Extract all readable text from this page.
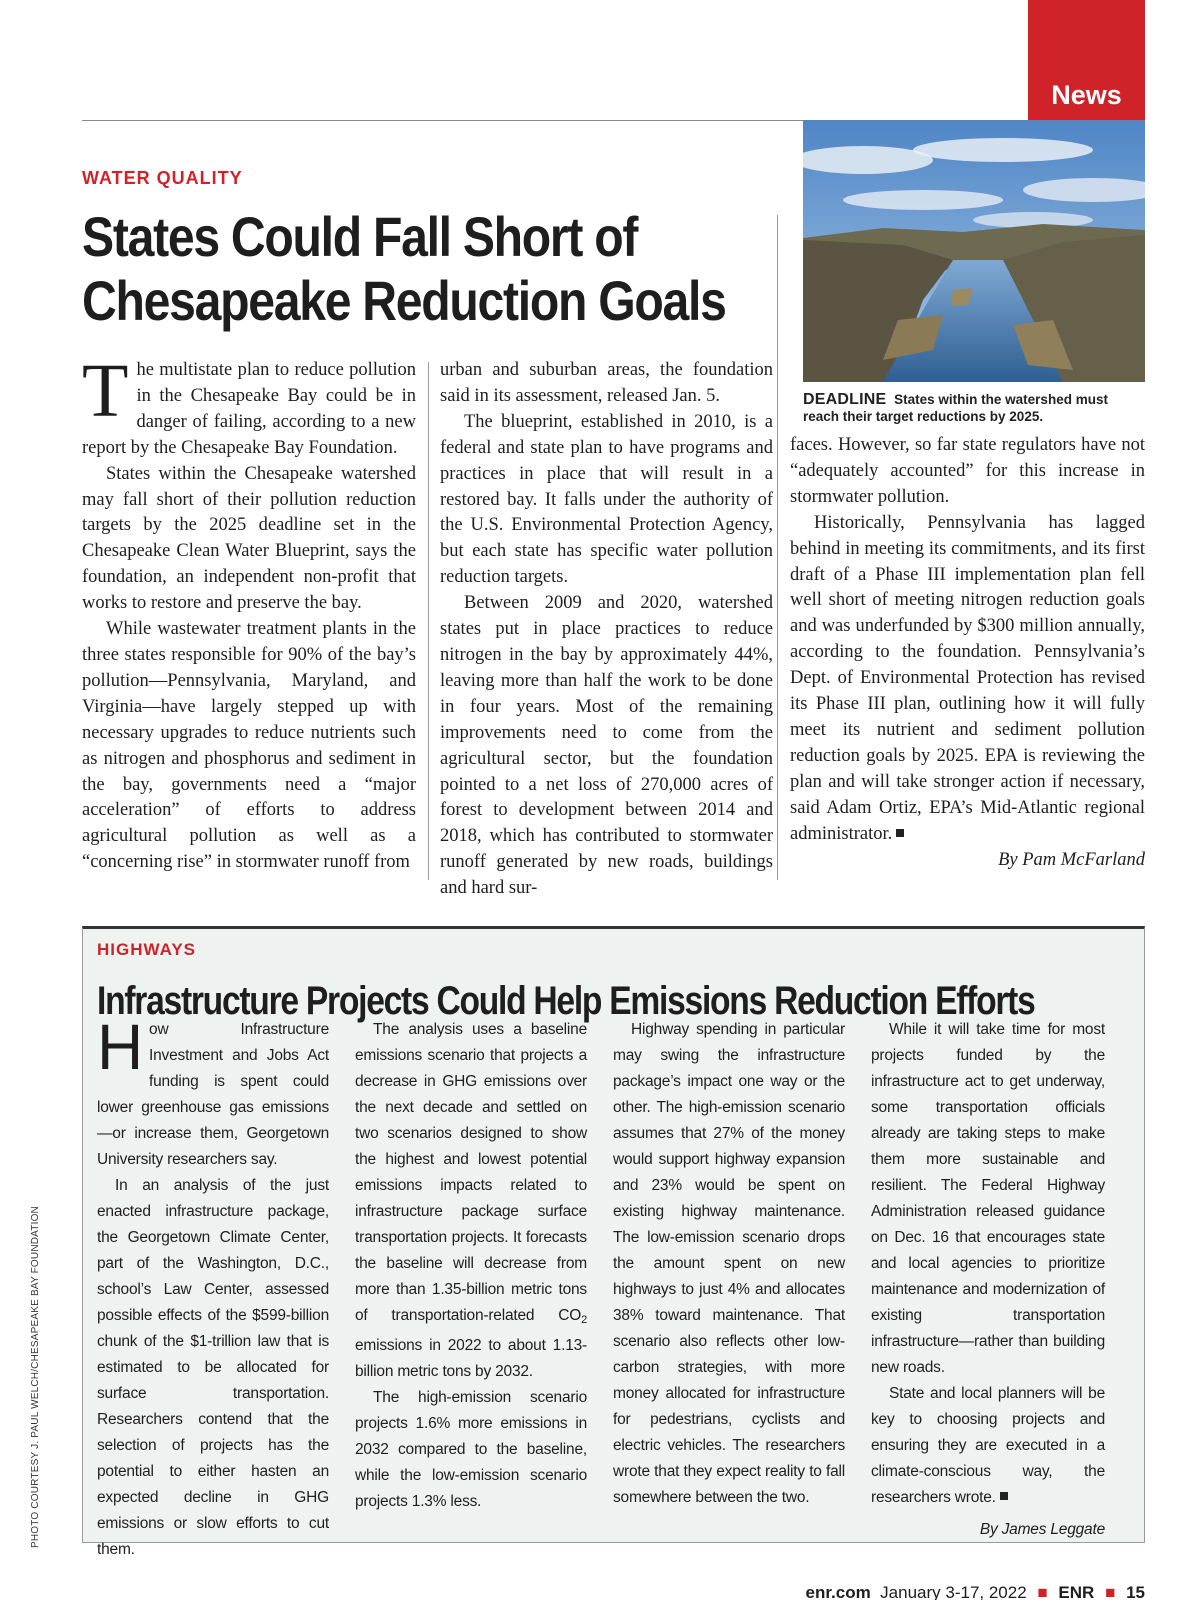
News
WATER QUALITY
States Could Fall Short of
Chesapeake Reduction Goals

The multistate plan to reduce pollution in the Chesapeake Bay could be in danger of failing, according to a new report by the Chesapeake Bay Foundation.

States within the Chesapeake watershed may fall short of their pollution reduction targets by the 2025 deadline set in the Chesapeake Clean Water Blueprint, says the foundation, an independent non-profit that works to restore and preserve the bay.

While wastewater treatment plants in the three states responsible for 90% of the bay’s pollution—Pennsylvania, Maryland, and Virginia—have largely stepped up with necessary upgrades to reduce nutrients such as nitrogen and phosphorus and sediment in the bay, governments need a “major acceleration” of efforts to address agricultural pollution as well as a “concerning rise” in stormwater runoff from

urban and suburban areas, the foundation said in its assessment, released Jan. 5.

The blueprint, established in 2010, is a federal and state plan to have programs and practices in place that will result in a restored bay. It falls under the authority of the U.S. Environmental Protection Agency, but each state has specific water pollution reduction targets.

Between 2009 and 2020, watershed states put in place practices to reduce nitrogen in the bay by approximately 44%, leaving more than half the work to be done in four years. Most of the remaining improvements need to come from the agricultural sector, but the foundation pointed to a net loss of 270,000 acres of forest to development between 2014 and 2018, which has contributed to stormwater runoff generated by new roads, buildings and hard sur-

DEADLINE States within the watershed must reach their target reductions by 2025.

faces. However, so far state regulators have not “adequately accounted” for this increase in stormwater pollution.

Historically, Pennsylvania has lagged behind in meeting its commitments, and its first draft of a Phase III implementation plan fell well short of meeting nitrogen reduction goals and was underfunded by $300 million annually, according to the foundation. Pennsylvania’s Dept. of Environmental Protection has revised its Phase III plan, outlining how it will fully meet its nutrient and sediment pollution reduction goals by 2025. EPA is reviewing the plan and will take stronger action if necessary, said Adam Ortiz, EPA’s Mid-Atlantic regional administrator.

By Pam McFarland

HIGHWAYS
Infrastructure Projects Could Help Emissions Reduction Efforts

How Infrastructure Investment and Jobs Act funding is spent could lower greenhouse gas emissions—or increase them, Georgetown University researchers say.

In an analysis of the just enacted infrastructure package, the Georgetown Climate Center, part of the Washington, D.C., school’s Law Center, assessed possible effects of the $599-billion chunk of the $1-trillion law that is estimated to be allocated for surface transportation. Researchers contend that the selection of projects has the potential to either hasten an expected decline in GHG emissions or slow efforts to cut them.

The analysis uses a baseline emissions scenario that projects a decrease in GHG emissions over the next decade and settled on two scenarios designed to show the highest and lowest potential emissions impacts related to infrastructure package surface transportation projects. It forecasts the baseline will decrease from more than 1.35-billion metric tons of transportation-related $CO_2$ emissions in 2022 to about 1.13-billion metric tons by 2032.

The high-emission scenario projects 1.6% more emissions in 2032 compared to the baseline, while the low-emission scenario projects 1.3% less.

Highway spending in particular may swing the infrastructure package’s impact one way or the other. The high-emission scenario assumes that 27% of the money would support highway expansion and 23% would be spent on existing highway maintenance. The low-emission scenario drops the amount spent on new highways to just 4% and allocates 38% toward maintenance. That scenario also reflects other low-carbon strategies, with more money allocated for infrastructure for pedestrians, cyclists and electric vehicles. The researchers wrote that they expect reality to fall somewhere between the two.

While it will take time for most projects funded by the infrastructure act to get underway, some transportation officials already are taking steps to make them more sustainable and resilient. The Federal Highway Administration released guidance on Dec. 16 that encourages state and local agencies to prioritize maintenance and modernization of existing transportation infrastructure—rather than building new roads.

State and local planners will be key to choosing projects and ensuring they are executed in a climate-conscious way, the researchers wrote.

By James Leggate

PHOTO COURTESY J. PAUL WELCH/CHESAPEAKE BAY FOUNDATION
enr.com January 3-17, 2022 ■ ENR ■ 15
